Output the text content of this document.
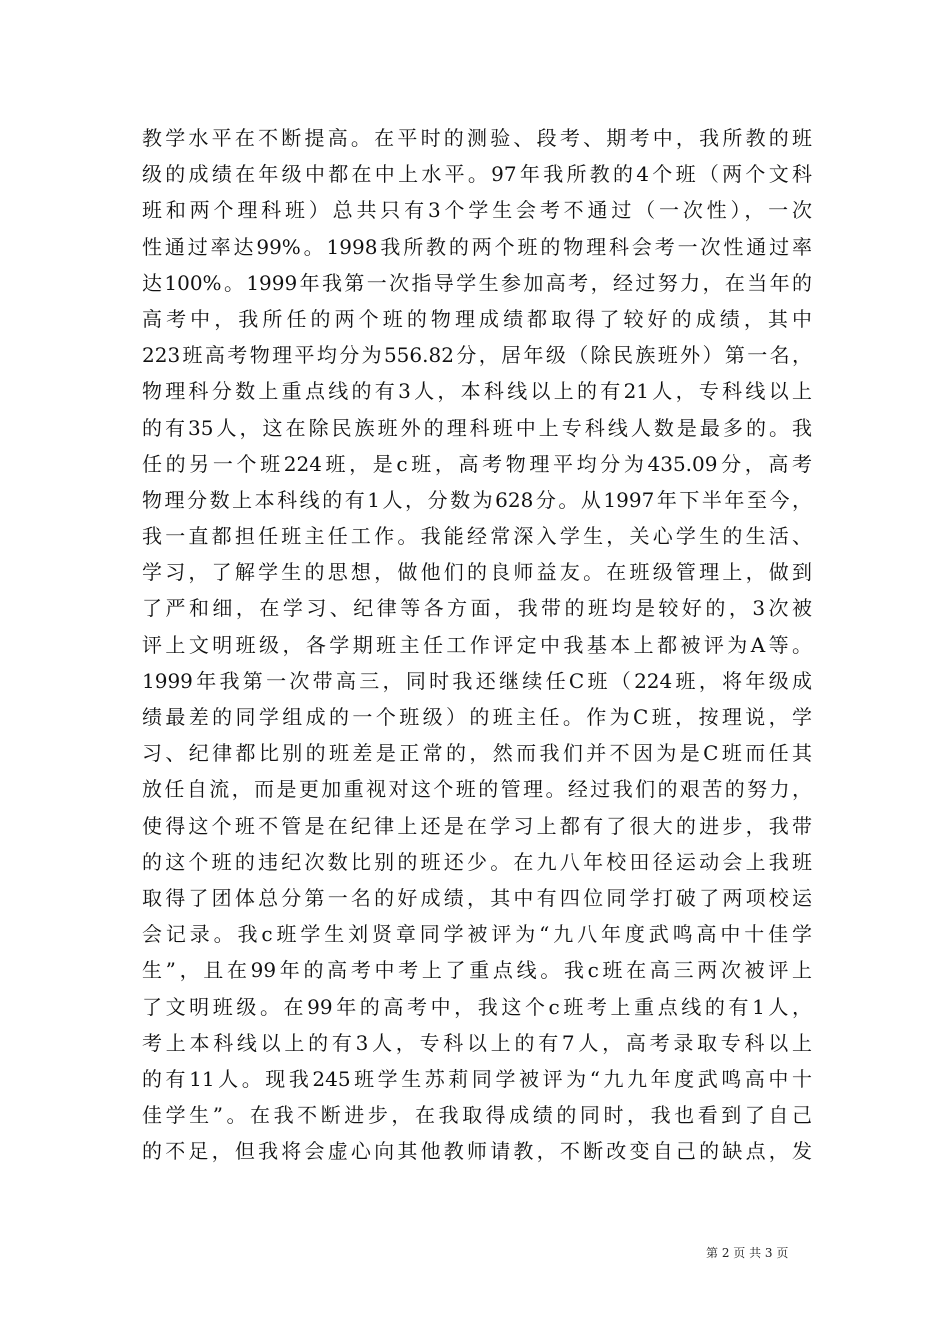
教学水平在不断提高。在平时的测验、段考、期考中，我所教的班
级的成绩在年级中都在中上水平。97年我所教的4个班（两个文科
班和两个理科班）总共只有3个学生会考不通过（一次性），一次
性通过率达99%。1998我所教的两个班的物理科会考一次性通过率
达100%。1999年我第一次指导学生参加高考，经过努力，在当年的
高考中，我所任的两个班的物理成绩都取得了较好的成绩，其中
223班高考物理平均分为556.82分，居年级（除民族班外）第一名，
物理科分数上重点线的有3人，本科线以上的有21人，专科线以上
的有35人，这在除民族班外的理科班中上专科线人数是最多的。我
任的另一个班224班，是c班，高考物理平均分为435.09分，高考
物理分数上本科线的有1人，分数为628分。从1997年下半年至今，
我一直都担任班主任工作。我能经常深入学生，关心学生的生活、
学习，了解学生的思想，做他们的良师益友。在班级管理上，做到
了严和细，在学习、纪律等各方面，我带的班均是较好的，3次被
评上文明班级，各学期班主任工作评定中我基本上都被评为A等。
1999年我第一次带高三，同时我还继续任C班（224班，将年级成
绩最差的同学组成的一个班级）的班主任。作为C班，按理说，学
习、纪律都比别的班差是正常的，然而我们并不因为是C班而任其
放任自流，而是更加重视对这个班的管理。经过我们的艰苦的努力，
使得这个班不管是在纪律上还是在学习上都有了很大的进步，我带
的这个班的违纪次数比别的班还少。在九八年校田径运动会上我班
取得了团体总分第一名的好成绩，其中有四位同学打破了两项校运
会记录。我c班学生刘贤章同学被评为“九八年度武鸣高中十佳学
生”，且在99年的高考中考上了重点线。我c班在高三两次被评上
了文明班级。在99年的高考中，我这个c班考上重点线的有1人，
考上本科线以上的有3人，专科以上的有7人，高考录取专科以上
的有11人。现我245班学生苏莉同学被评为“九九年度武鸣高中十
佳学生”。在我不断进步，在我取得成绩的同时，我也看到了自己
的不足，但我将会虚心向其他教师请教，不断改变自己的缺点，发
第 2 页 共 3 页
